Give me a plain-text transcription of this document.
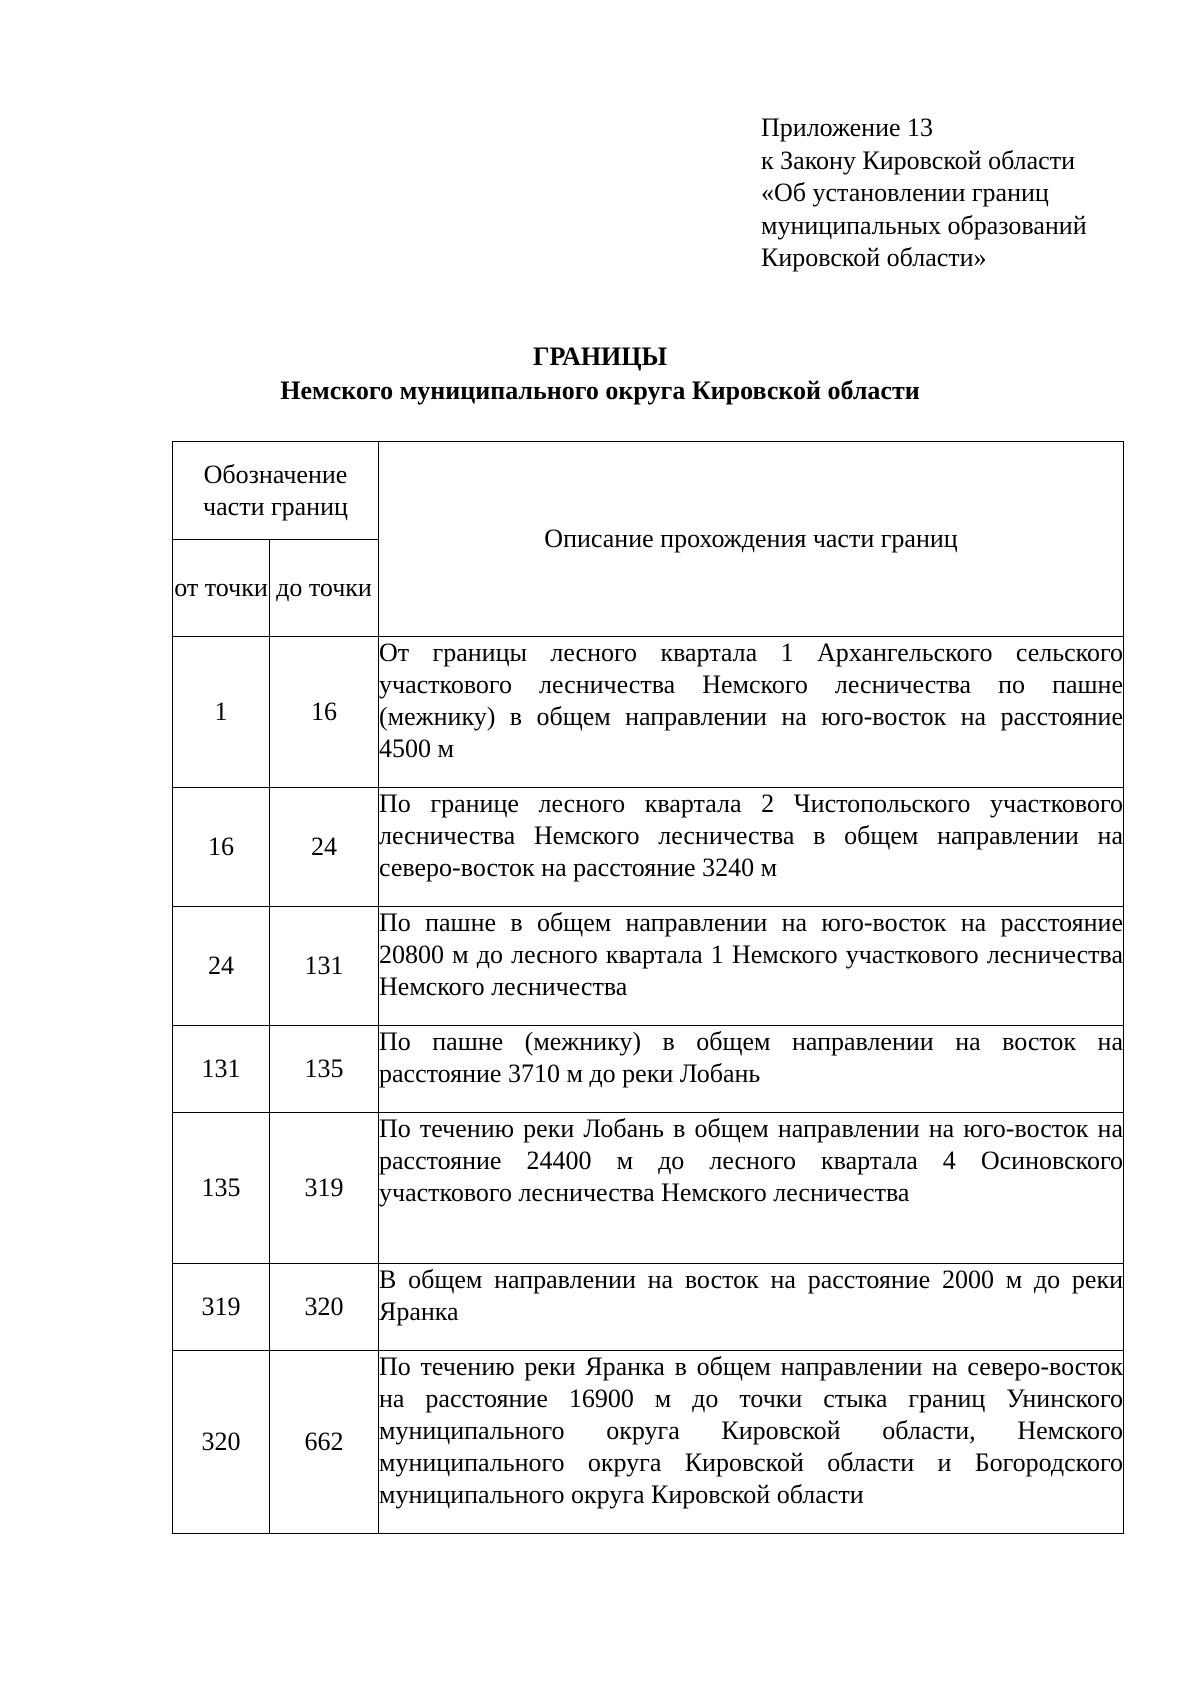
Приложение 13
к Закону Кировской области
«Об установлении границ
муниципальных образований
Кировской области»
ГРАНИЦЫ
Немского муниципального округа Кировской области
Обозначение части границ		Описание прохождения части границ
от точки	до точки	
1	16	От границы лесного квартала 1 Архангельского сельского участкового лесничества Немского лесничества по пашне (межнику) в общем направлении на юго-восток на расстояние 4500 м
16	24	По границе лесного квартала 2 Чистопольского участкового лесничества Немского лесничества в общем направлении на северо-восток на расстояние 3240 м
24	131	По пашне в общем направлении на юго-восток на расстояние 20800 м до лесного квартала 1 Немского участкового лесничества Немского лесничества
131	135	По пашне (межнику) в общем направлении на восток на расстояние 3710 м до реки Лобань
135	319	По течению реки Лобань в общем направлении на юго-восток на расстояние 24400 м до лесного квартала 4 Осиновского участкового лесничества Немского лесничества
319	320	В общем направлении на восток на расстояние 2000 м до реки Яранка
320	662	По течению реки Яранка в общем направлении на северо-восток на расстояние 16900 м до точки стыка границ Унинского муниципального округа Кировской области, Немского муниципального округа Кировской области и Богородского муниципального округа Кировской области
